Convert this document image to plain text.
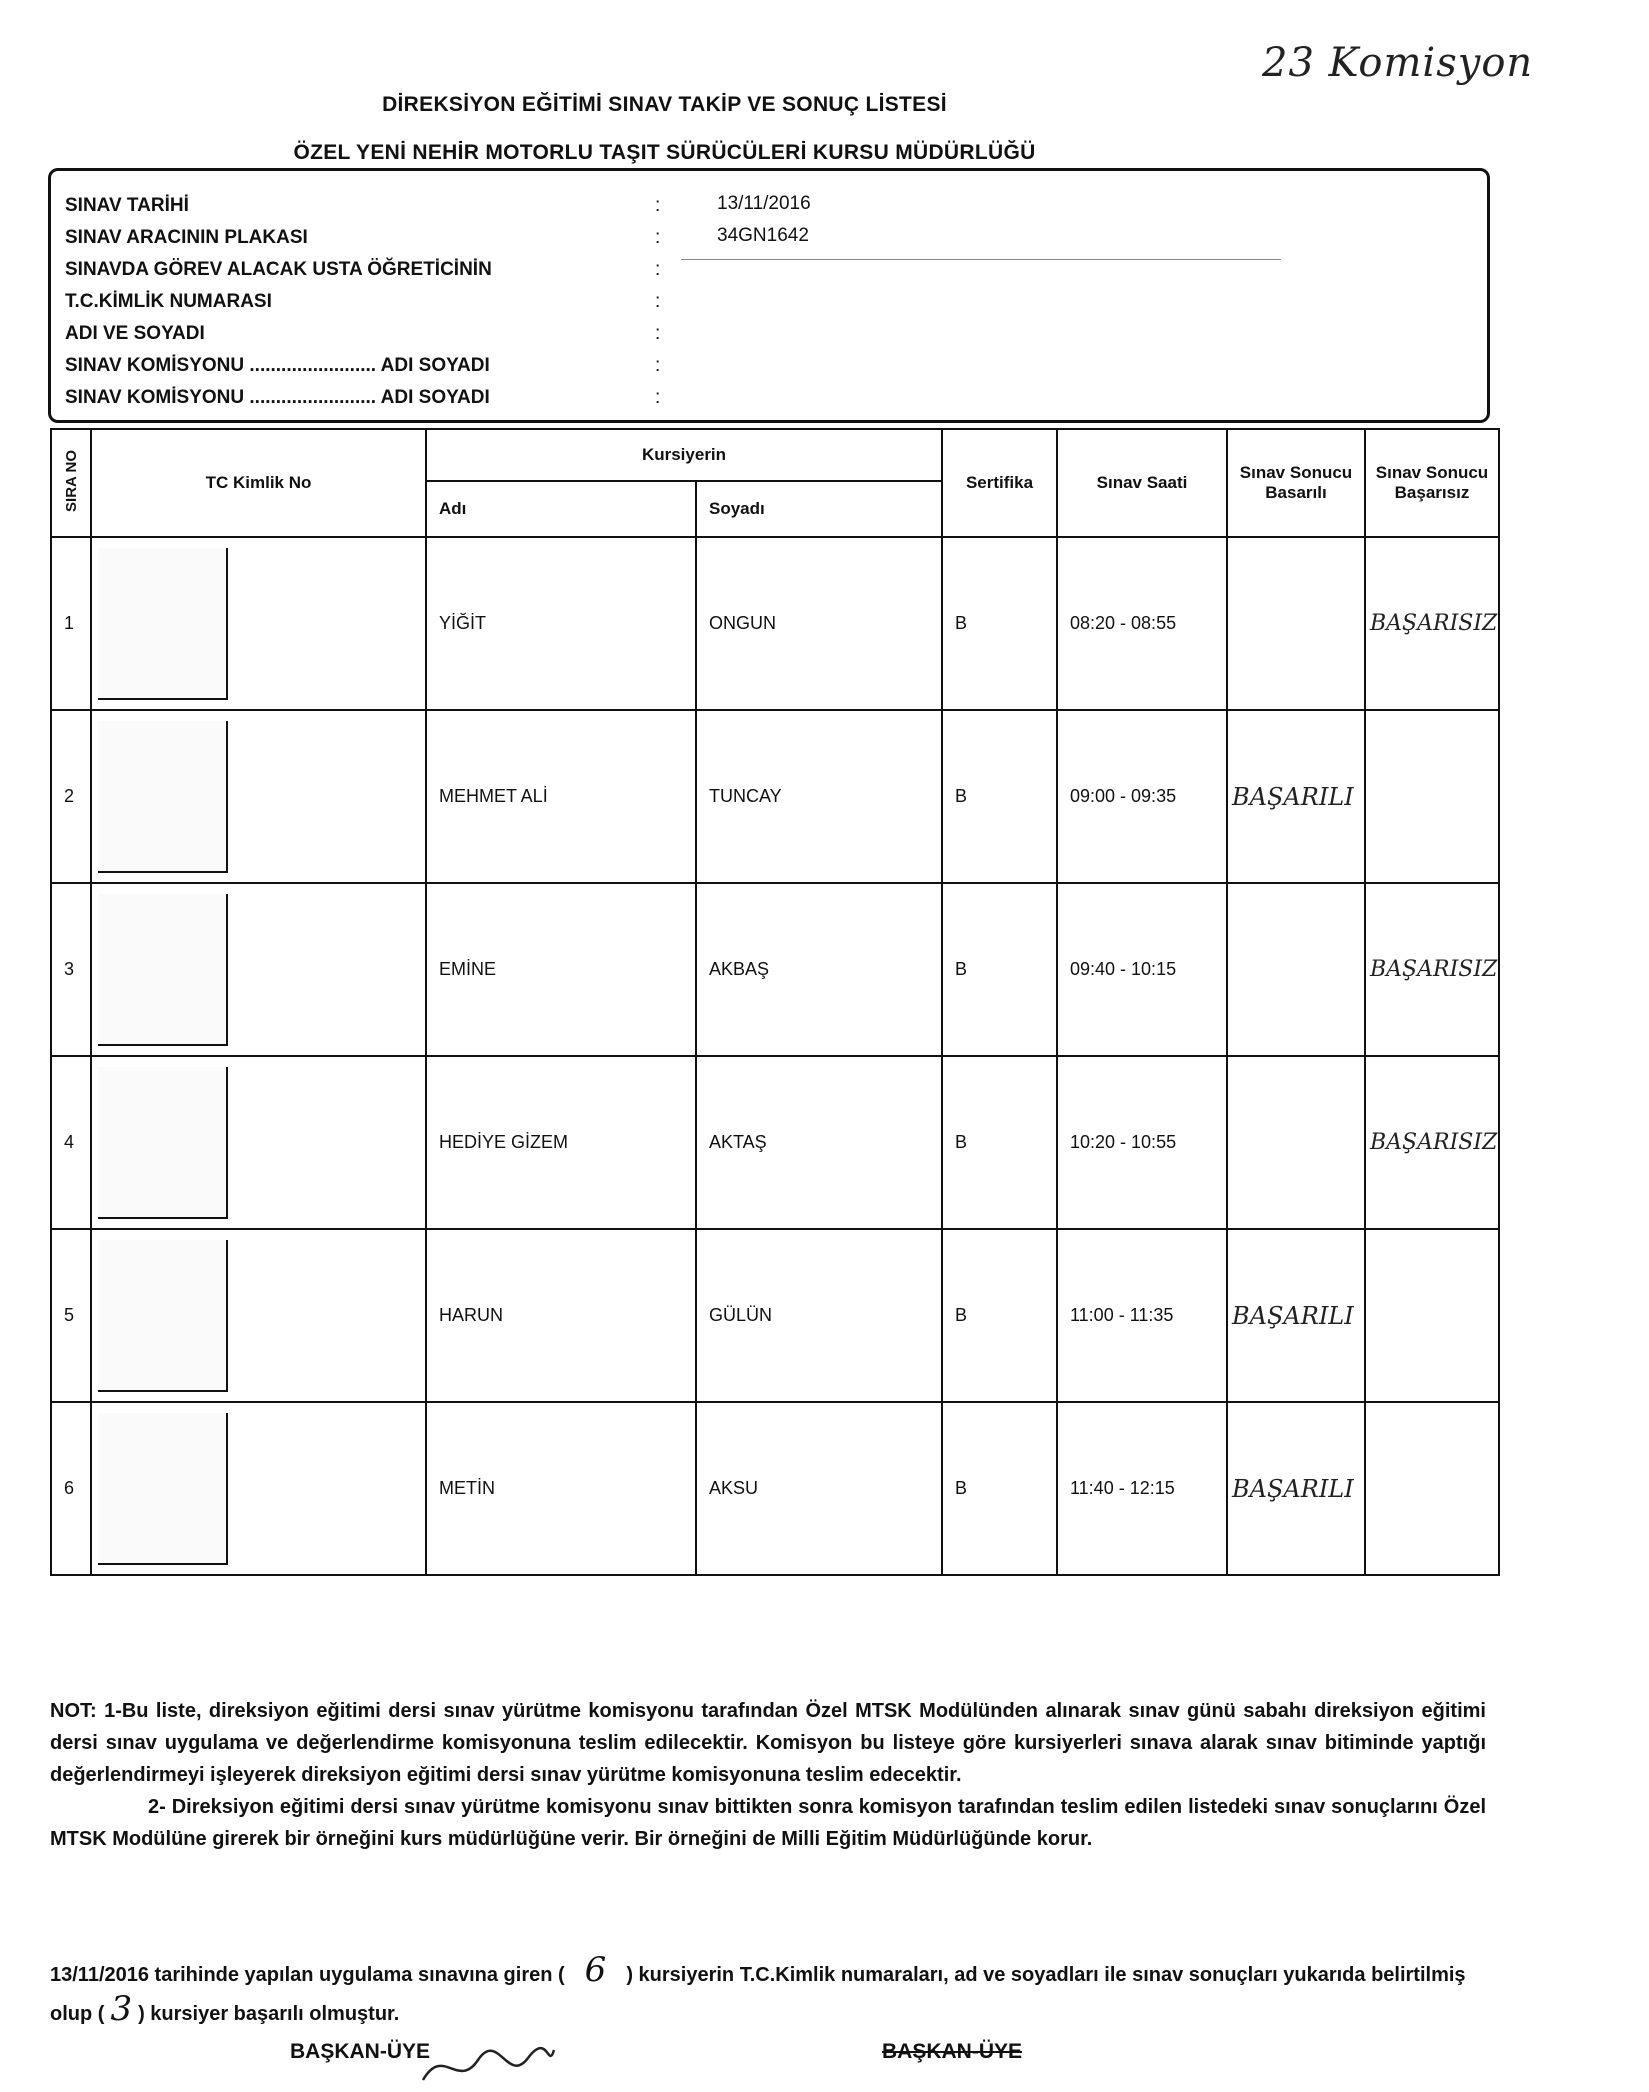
23 Komisyon
DİREKSİYON EĞİTİMİ SINAV TAKİP VE SONUÇ LİSTESİ
ÖZEL YENİ NEHİR MOTORLU TAŞIT SÜRÜCÜLERİ KURSU MÜDÜRLÜĞÜ
SINAV TARİHİ	:	13/11/2016
SINAV ARACININ PLAKASI	:	34GN1642
SINAVDA GÖREV ALACAK USTA ÖĞRETİCİNİN	:
T.C.KİMLİK NUMARASI	:
ADI VE SOYADI	:
SINAV KOMİSYONU ........................ ADI SOYADI	:
SINAV KOMİSYONU ........................ ADI SOYADI	:
SIRA NO	TC Kimlik No	Kursiyerin		Sertifika	Sınav Saati	Sınav Sonucu Basarılı	Sınav Sonucu Başarısız
		Adı	Soyadı				
1		YİĞİT	ONGUN	B	08:20 - 08:55		BAŞARISIZ
2		MEHMET ALİ	TUNCAY	B	09:00 - 09:35	BAŞARILI	
3		EMİNE	AKBAŞ	B	09:40 - 10:15		BAŞARISIZ
4		HEDİYE GİZEM	AKTAŞ	B	10:20 - 10:55		BAŞARISIZ
5		HARUN	GÜLÜN	B	11:00 - 11:35	BAŞARILI	
6		METİN	AKSU	B	11:40 - 12:15	BAŞARILI	

NOT: 1-Bu liste, direksiyon eğitimi dersi sınav yürütme komisyonu tarafından Özel MTSK Modülünden alınarak sınav günü sabahı direksiyon eğitimi dersi sınav uygulama ve değerlendirme komisyonuna teslim edilecektir. Komisyon bu listeye göre kursiyerleri sınava alarak sınav bitiminde yaptığı değerlendirmeyi işleyerek direksiyon eğitimi dersi sınav yürütme komisyonuna teslim edecektir.

2- Direksiyon eğitimi dersi sınav yürütme komisyonu sınav bittikten sonra komisyon tarafından teslim edilen listedeki sınav sonuçlarını Özel MTSK Modülüne girerek bir örneğini kurs müdürlüğüne verir. Bir örneğini de Milli Eğitim Müdürlüğünde korur.

13/11/2016 tarihinde yapılan uygulama sınavına giren ( 6 ) kursiyerin T.C.Kimlik numaraları, ad ve soyadları ile sınav sonuçları yukarıda belirtilmiş olup ( 3 ) kursiyer başarılı olmuştur.
BAŞKAN-ÜYE	BAŞKAN-ÜYE
